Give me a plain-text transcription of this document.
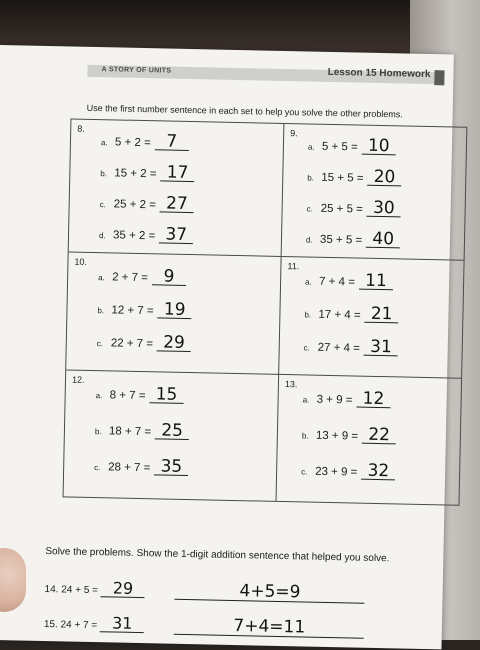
A STORY OF UNITS	Lesson 15 Homework
Use the first number sentence in each set to help you solve the other problems.
8.
a. 5 + 2 = 7
b. 15 + 2 = 17
c. 25 + 2 = 27
d. 35 + 2 = 37
9.
a. 5 + 5 = 10
b. 15 + 5 = 20
c. 25 + 5 = 30
d. 35 + 5 = 40
10.
a. 2 + 7 = 9
b. 12 + 7 = 19
c. 22 + 7 = 29
11.
a. 7 + 4 = 11
b. 17 + 4 = 21
c. 27 + 4 = 31
12.
a. 8 + 7 = 15
b. 18 + 7 = 25
c. 28 + 7 = 35
13.
a. 3 + 9 = 12
b. 13 + 9 = 22
c. 23 + 9 = 32
Solve the problems. Show the 1-digit addition sentence that helped you solve.
14. 24 + 5 = 29	4+5=9
15. 24 + 7 = 31	7+4=11
